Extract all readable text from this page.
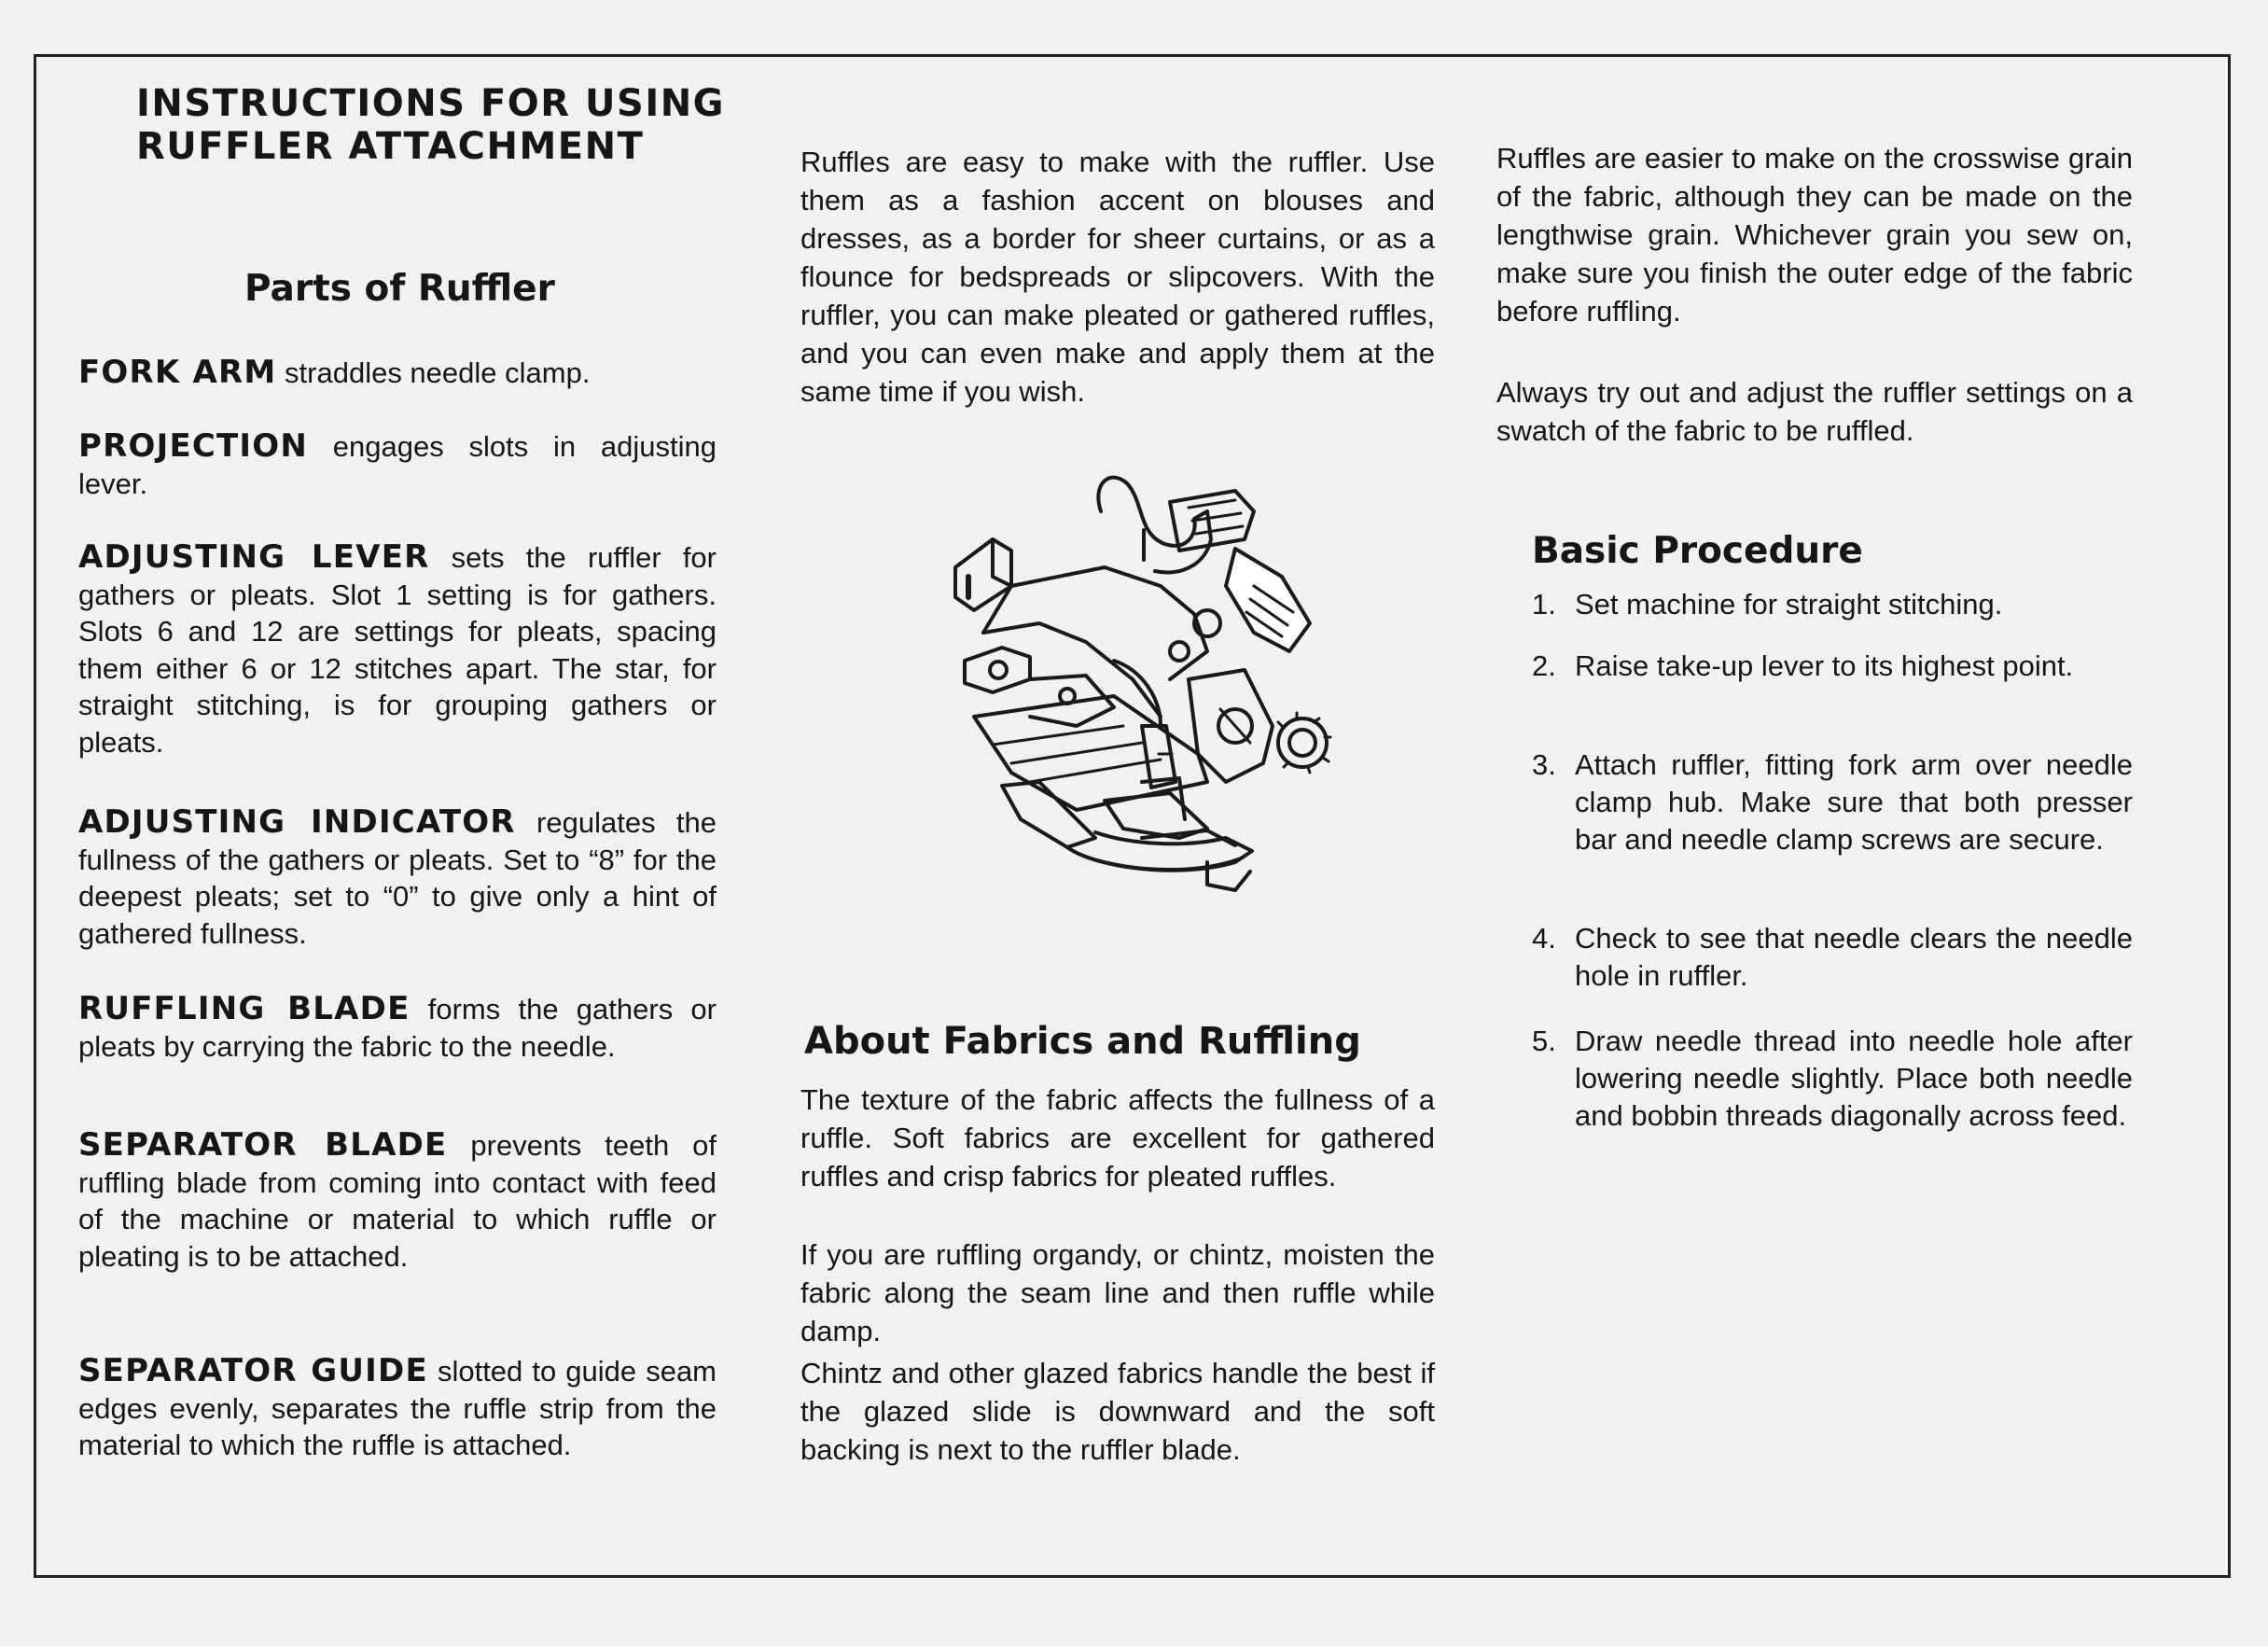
INSTRUCTIONS FOR USING
RUFFLER ATTACHMENT
Parts of Ruffler

FORK ARM straddles needle clamp.

PROJECTION engages slots in adjusting lever.

ADJUSTING LEVER sets the ruffler for gathers or pleats. Slot 1 setting is for gathers. Slots 6 and 12 are settings for pleats, spacing them either 6 or 12 stitches apart. The star, for straight stitching, is for grouping gathers or pleats.

ADJUSTING INDICATOR regulates the fullness of the gathers or pleats. Set to “8” for the deepest pleats; set to “0” to give only a hint of gathered fullness.

RUFFLING BLADE forms the gathers or pleats by carrying the fabric to the needle.

SEPARATOR BLADE prevents teeth of ruffling blade from coming into contact with feed of the machine or material to which ruffle or pleating is to be attached.

SEPARATOR GUIDE slotted to guide seam edges evenly, separates the ruffle strip from the material to which the ruffle is attached.

Ruffles are easy to make with the ruffler. Use them as a fashion accent on blouses and dresses, as a border for sheer curtains, or as a flounce for bedspreads or slipcovers. With the ruffler, you can make pleated or gathered ruffles, and you can even make and apply them at the same time if you wish.

About Fabrics and Ruffling

The texture of the fabric affects the fullness of a ruffle. Soft fabrics are excellent for gathered ruffles and crisp fabrics for pleated ruffles.

If you are ruffling organdy, or chintz, moisten the fabric along the seam line and then ruffle while damp.

Chintz and other glazed fabrics handle the best if the glazed slide is downward and the soft backing is next to the ruffler blade.

Ruffles are easier to make on the crosswise grain of the fabric, although they can be made on the lengthwise grain. Whichever grain you sew on, make sure you finish the outer edge of the fabric before ruffling.

Always try out and adjust the ruffler settings on a swatch of the fabric to be ruffled.

Basic Procedure
1. Set machine for straight stitching.
2. Raise take-up lever to its highest point.
3. Attach ruffler, fitting fork arm over needle clamp hub. Make sure that both presser bar and needle clamp screws are secure.
4. Check to see that needle clears the needle hole in ruffler.
5. Draw needle thread into needle hole after lowering needle slightly. Place both needle and bobbin threads diagonally across feed.
